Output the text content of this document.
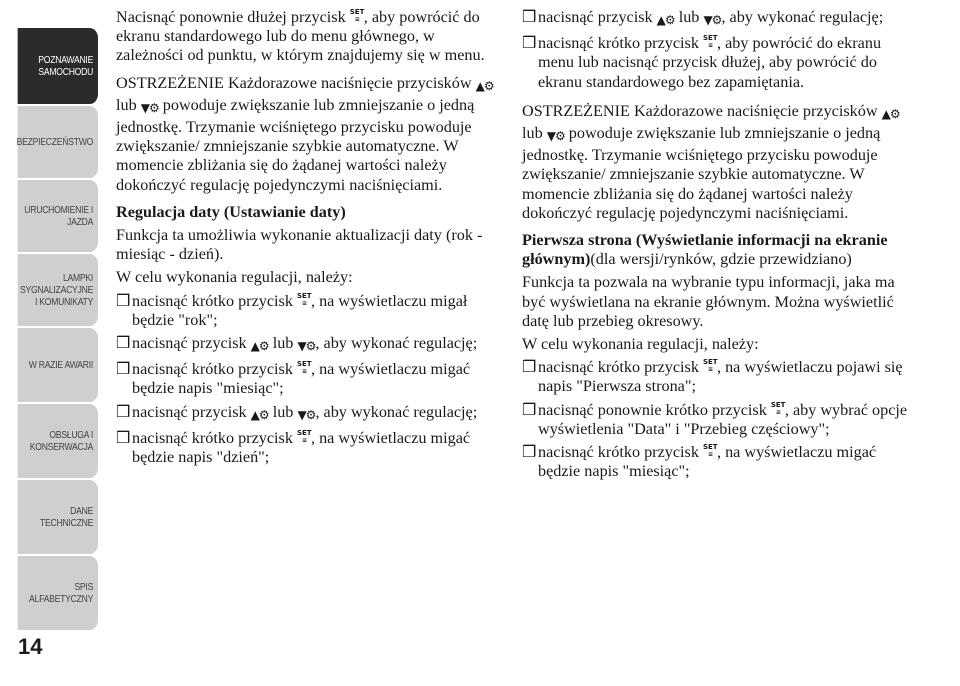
POZNAWANIE
SAMOCHODU
BEZPIECZEŃSTWO
URUCHOMIENIE I
JAZDA
LAMPKI
SYGNALIZACYJNE
I KOMUNIKATY
W RAZIE AWARII
OBSŁUGA I
KONSERWACJA
DANE
TECHNICZNE
SPIS
ALFABETYCZNY
14

Nacisnąć ponownie dłużej przycisk SET
≡ , aby powrócić do ekranu standardowego lub do menu głównego, w zależności od punktu, w którym znajdujemy się w menu.

OSTRZEŻENIE Każdorazowe naciśnięcie przycisków ▲⚙ lub ▼⚙ powoduje zwiększanie lub zmniejszanie o jedną jednostkę. Trzymanie wciśniętego przycisku powoduje zwiększanie/ zmniejszanie szybkie automatyczne. W momencie zbliżania się do żądanej wartości należy dokończyć regulację pojedynczymi naciśnięciami.

Regulacja daty (Ustawianie daty)

Funkcja ta umożliwia wykonanie aktualizacji daty (rok - miesiąc - dzień).

W celu wykonania regulacji, należy:

❒ nacisnąć krótko przycisk SET
≡ , na wyświetlaczu migał będzie "rok";
❒ nacisnąć przycisk ▲⚙ lub ▼⚙, aby wykonać regulację;
❒ nacisnąć krótko przycisk SET
≡ , na wyświetlaczu migać będzie napis "miesiąc";
❒ nacisnąć przycisk ▲⚙ lub ▼⚙, aby wykonać regulację;
❒ nacisnąć krótko przycisk SET
≡ , na wyświetlaczu migać będzie napis "dzień";
❒ nacisnąć przycisk ▲⚙ lub ▼⚙, aby wykonać regulację;
❒ nacisnąć krótko przycisk SET
≡ , aby powrócić do ekranu menu lub nacisnąć przycisk dłużej, aby powrócić do ekranu standardowego bez zapamiętania.

OSTRZEŻENIE Każdorazowe naciśnięcie przycisków ▲⚙ lub ▼⚙ powoduje zwiększanie lub zmniejszanie o jedną jednostkę. Trzymanie wciśniętego przycisku powoduje zwiększanie/ zmniejszanie szybkie automatyczne. W momencie zbliżania się do żądanej wartości należy dokończyć regulację pojedynczymi naciśnięciami.

Pierwsza strona (Wyświetlanie informacji na ekranie głównym)(dla wersji/rynków, gdzie przewidziano)

Funkcja ta pozwala na wybranie typu informacji, jaka ma być wyświetlana na ekranie głównym. Można wyświetlić datę lub przebieg okresowy.

W celu wykonania regulacji, należy:

❒ nacisnąć krótko przycisk SET
≡ , na wyświetlaczu pojawi się napis "Pierwsza strona";
❒ nacisnąć ponownie krótko przycisk SET
≡ , aby wybrać opcje wyświetlenia "Data" i "Przebieg częściowy";
❒ nacisnąć krótko przycisk SET
≡ , na wyświetlaczu migać będzie napis "miesiąc";
